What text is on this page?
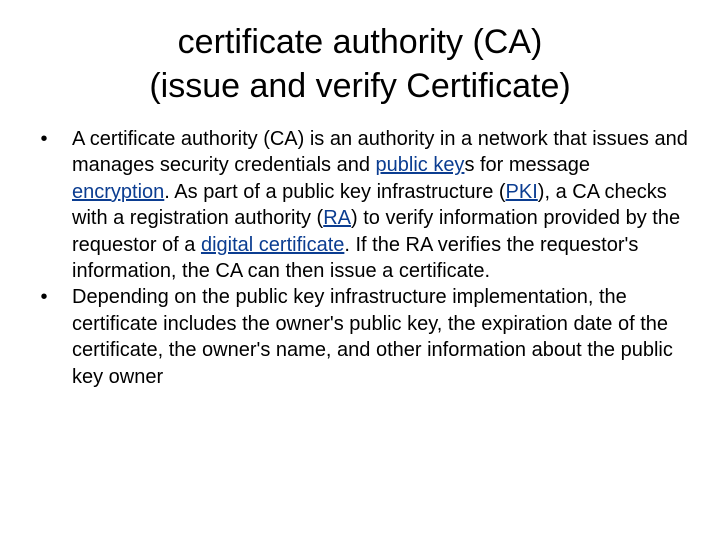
certificate authority (CA)
(issue and verify Certificate)

•	A certificate authority (CA) is an authority in a network that issues and manages security credentials and public keys for message encryption. As part of a public key infrastructure (PKI), a CA checks with a registration authority (RA) to verify information provided by the requestor of a digital certificate. If the RA verifies the requestor's information, the CA can then issue a certificate.

•	Depending on the public key infrastructure implementation, the certificate includes the owner's public key, the expiration date of the certificate, the owner's name, and other information about the public key owner
